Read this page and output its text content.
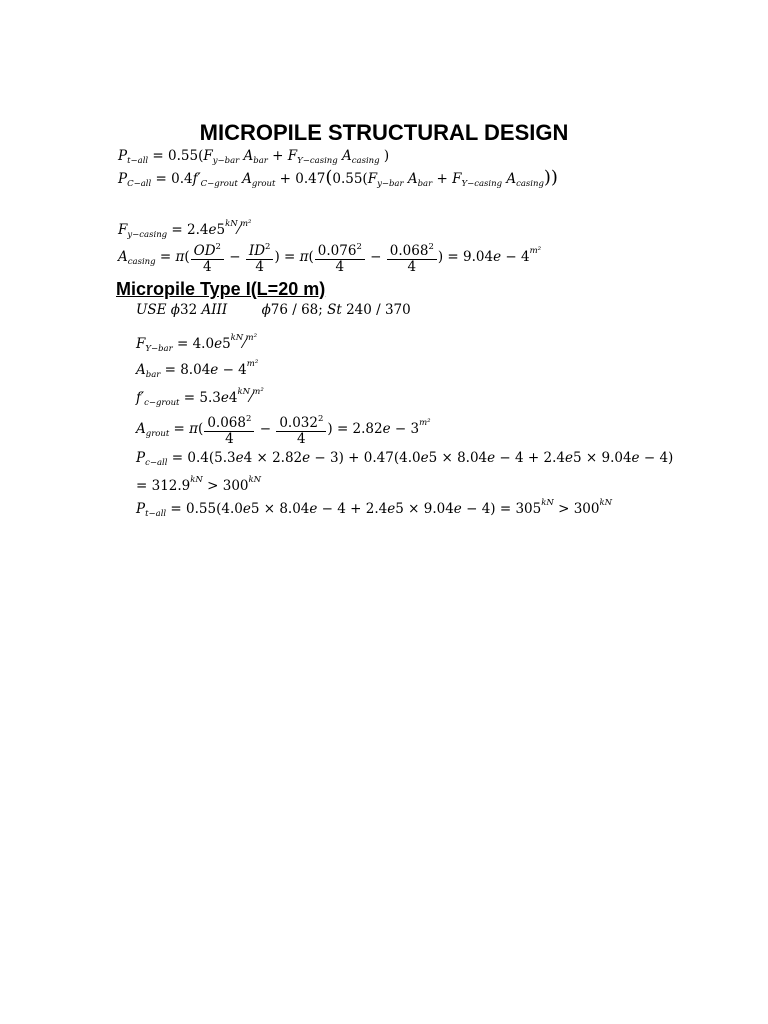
MICROPILE STRUCTURAL DESIGN
$P_{t-all} = 0.55(F_{y-bar}$ $A_{bar} + F_{Y-casing}$ $A_{casing}$ )
$P_{C-all} = 0.4f'_{C-grout}$ $A_{grout} + 0.47(0.55(F_{y-bar}$ $A_{bar} + F_{Y-casing}$ $A_{casing}$))
$F_{y-casing}$ = $2.4e5^{kN}⁄^{m^2}$
$A_{casing} = \pi( \frac{OD^2}{4} - \frac{ID^2}{4}$ ) = $\pi( \frac{0.076^2}{4} - \frac{0.068^2}{4}$ ) = $9.04e - 4^{m^2}$
Micropile Type I(L=20 m)
USE ϕ32 AIII	ϕ76 / 68; St 240 / 370
$F_{Y-bar}$ = $4.0e5^{kN}⁄^{m^2}$
$A_{bar} = 8.04e - 4^{m^2}$
$f'_{c-grout}$ = $5.3e4^{kN}⁄^{m^2}$
$A_{grout} = \pi( \frac{0.068^2}{4} - \frac{0.032^2}{4}$ ) = $2.82e - 3^{m^2}$
$P_{c-all} = 0.4(5.3e4 \times 2.82e - 3) + 0.47(4.0e5 \times 8.04e - 4 + 2.4e5 \times 9.04e - 4)$
= $312.9^{kN} > 300^{kN}$
$P_{t-all} = 0.55(4.0e5 \times 8.04e - 4 + 2.4e5 \times 9.04e - 4) = 305^{kN} > 300^{kN}$
